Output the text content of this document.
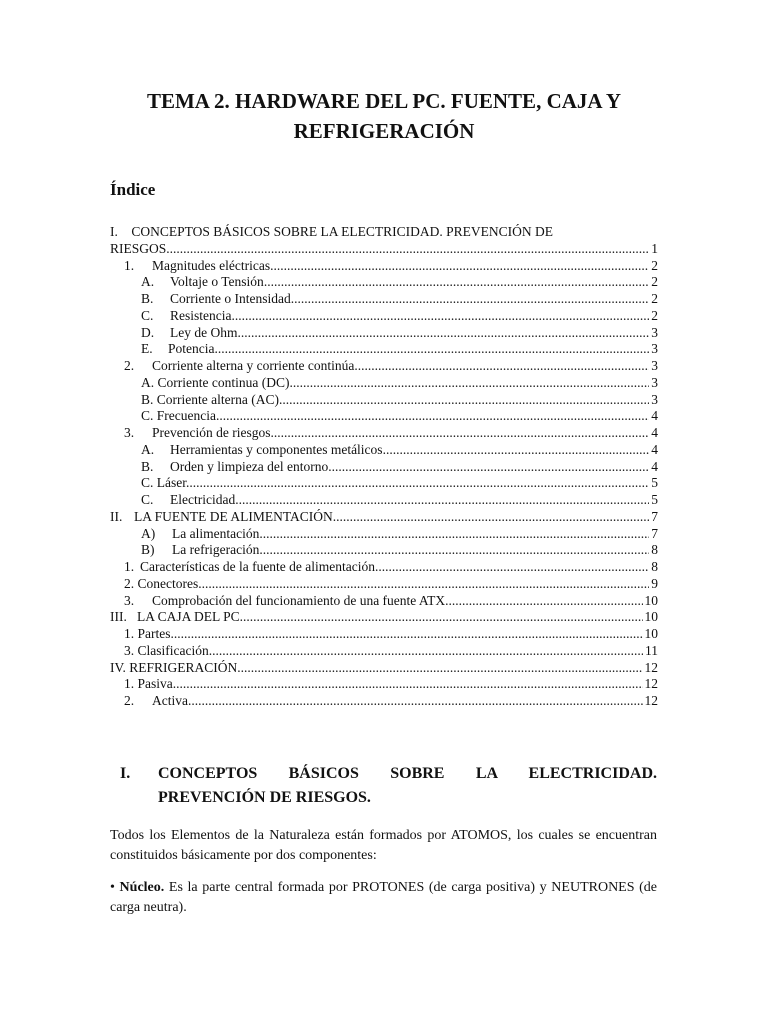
TEMA 2. HARDWARE DEL PC. FUENTE, CAJA Y
REFRIGERACIÓN
Índice
I.    CONCEPTOS BÁSICOS SOBRE LA ELECTRICIDAD. PREVENCIÓN DE
RIESGOS .....	1
1.	Magnitudes eléctricas .....	2
A.	Voltaje o Tensión .....	2
B.	Corriente o Intensidad .....	2
C.	Resistencia .....	2
D.	Ley de Ohm .....	3
E.	Potencia .....	3
2.	Corriente alterna y corriente continúa .....	3
A. Corriente continua (DC) .....	3
B. Corriente alterna (AC) .....	3
C. Frecuencia .....	4
3.	Prevención de riesgos .....	4
A.	Herramientas y componentes metálicos .....	4
B.	Orden y limpieza del entorno. .....	4
C. Láser. .....	5
C.	Electricidad .....	5
II. LA FUENTE DE ALIMENTACIÓN .....	7
A)	La alimentación .....	7
B)	La refrigeración. .....	8
1. Características de la fuente de alimentación. .....	8
2. Conectores .....	9
3.	Comprobación del funcionamiento de una fuente ATX .....	10
III. LA CAJA DEL PC .....	10
1. Partes .....	10
3. Clasificación .....	11
IV. REFRIGERACIÓN .....	12
1. Pasiva .....	12
2.	Activa .....	12
I.	CONCEPTOS BÁSICOS SOBRE LA ELECTRICIDAD.
PREVENCIÓN DE RIESGOS.

Todos los Elementos de la Naturaleza están formados por ATOMOS, los cuales se encuentran constituidos básicamente por dos componentes:

• Núcleo. Es la parte central formada por PROTONES (de carga positiva) y NEUTRONES (de carga neutra).
